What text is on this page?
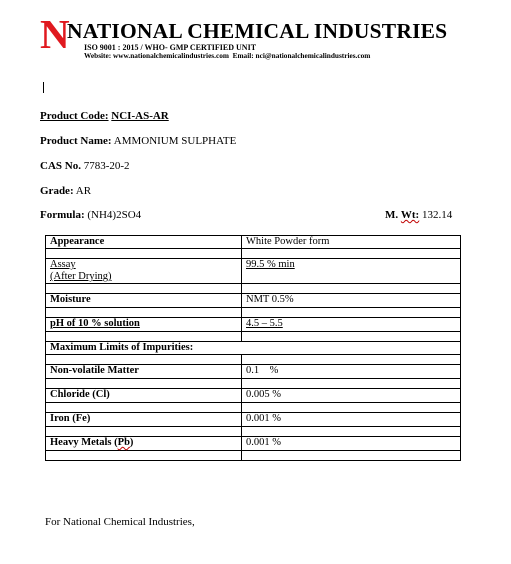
N
NATIONAL CHEMICAL INDUSTRIES
ISO 9001 : 2015 / WHO- GMP CERTIFIED UNIT
Website: www.nationalchemicalindustries.com Email: nci@nationalchemicalindustries.com
Product Code: NCI-AS-AR
Product Name: AMMONIUM SULPHATE
CAS No. 7783-20-2
Grade: AR
Formula: (NH4)2SO4	M. Wt: 132.14
Appearance	White Powder form

Assay
(After Drying)	99.5 % min

Moisture	NMT 0.5%

pH of 10 % solution	4.5 – 5.5

Maximum Limits of Impurities:	

Non-volatile Matter	0.1    %

Chloride (Cl)	0.005 %

Iron (Fe)	0.001 %

Heavy Metals (Pb)	0.001 %

For National Chemical Industries,
